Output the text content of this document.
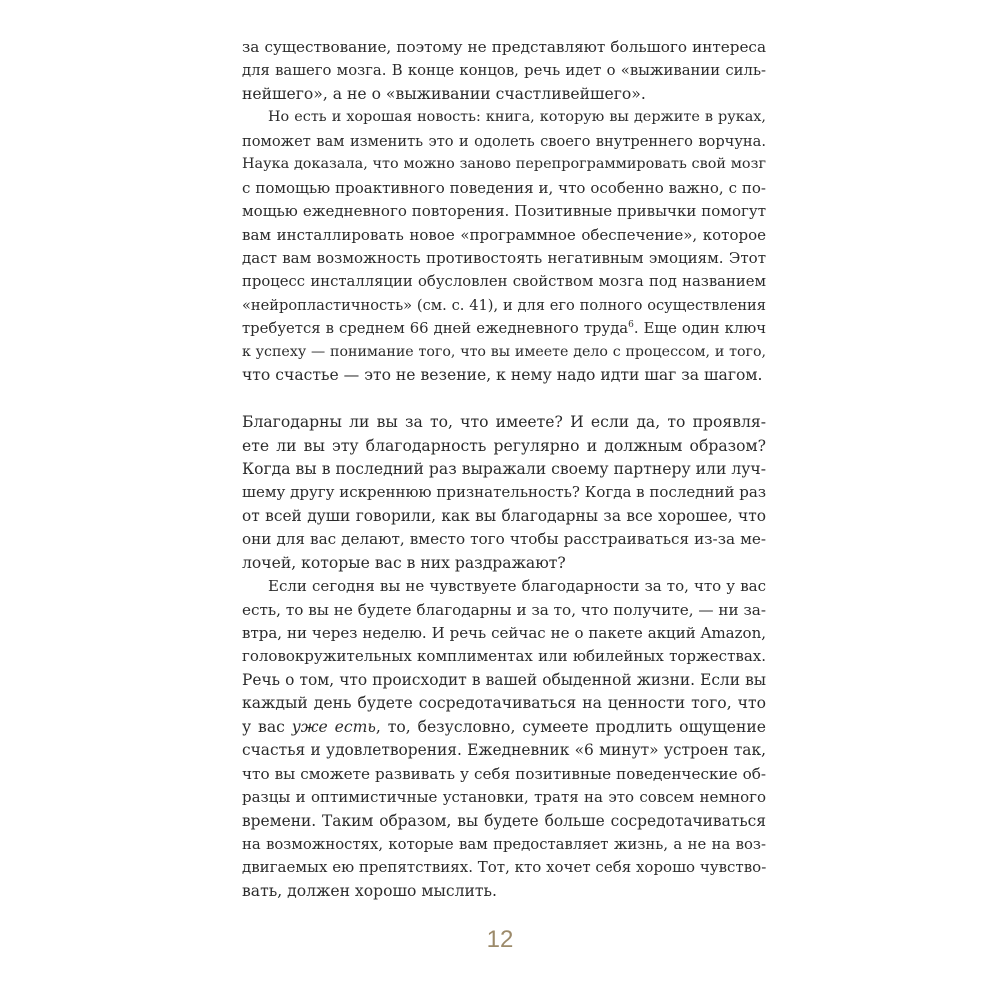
за существование, поэтому не представляют большого интереса
для вашего мозга. В конце концов, речь идет о «выживании силь-
нейшего», а не о «выживании счастливейшего».
Но есть и хорошая новость: книга, которую вы держите в руках,
поможет вам изменить это и одолеть своего внутреннего ворчуна.
Наука доказала, что можно заново перепрограммировать свой мозг
с помощью проактивного поведения и, что особенно важно, с по-
мощью ежедневного повторения. Позитивные привычки помогут
вам инсталлировать новое «программное обеспечение», которое
даст вам возможность противостоять негативным эмоциям. Этот
процесс инсталляции обусловлен свойством мозга под названием
«нейропластичность» (см. с. 41), и для его полного осуществления
требуется в среднем 66 дней ежедневного труда$^6$. Еще один ключ
к успеху — понимание того, что вы имеете дело с процессом, и того,
что счастье — это не везение, к нему надо идти шаг за шагом.
Благодарны ли вы за то, что имеете? И если да, то проявля-
ете ли вы эту благодарность регулярно и должным образом?
Когда вы в последний раз выражали своему партнеру или луч-
шему другу искреннюю признательность? Когда в последний раз
от всей души говорили, как вы благодарны за все хорошее, что
они для вас делают, вместо того чтобы расстраиваться из-за ме-
лочей, которые вас в них раздражают?
Если сегодня вы не чувствуете благодарности за то, что у вас
есть, то вы не будете благодарны и за то, что получите, — ни за-
втра, ни через неделю. И речь сейчас не о пакете акций Amazon,
головокружительных комплиментах или юбилейных торжествах.
Речь о том, что происходит в вашей обыденной жизни. Если вы
каждый день будете сосредотачиваться на ценности того, что
у вас уже есть, то, безусловно, сумеете продлить ощущение
счастья и удовлетворения. Ежедневник «6 минут» устроен так,
что вы сможете развивать у себя позитивные поведенческие об-
разцы и оптимистичные установки, тратя на это совсем немного
времени. Таким образом, вы будете больше сосредотачиваться
на возможностях, которые вам предоставляет жизнь, а не на воз-
двигаемых ею препятствиях. Тот, кто хочет себя хорошо чувство-
вать, должен хорошо мыслить.
12
